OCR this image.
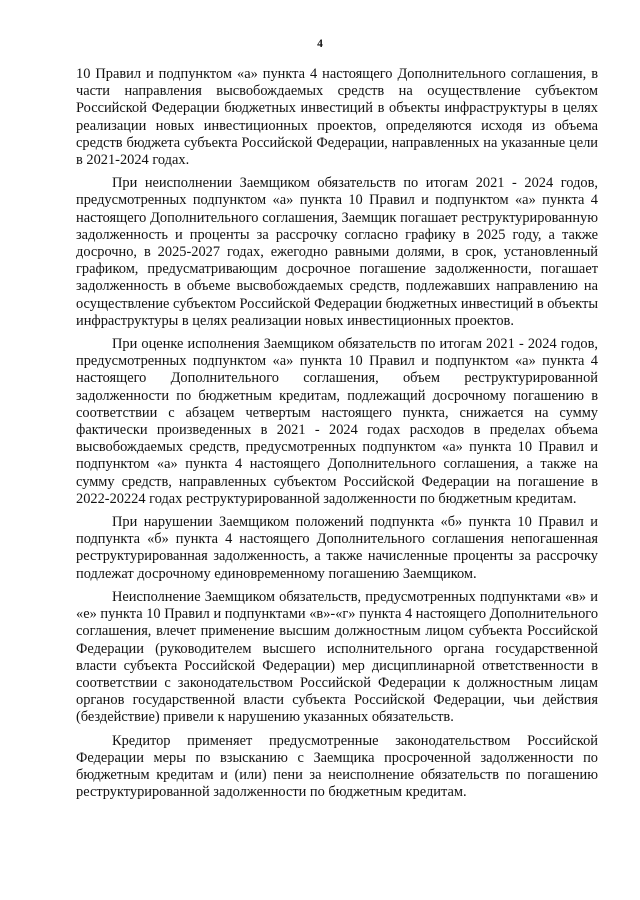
4

10 Правил и подпунктом «а» пункта 4 настоящего Дополнительного соглашения, в части направления высвобождаемых средств на осуществление субъектом Российской Федерации бюджетных инвестиций в объекты инфраструктуры в целях реализации новых инвестиционных проектов, определяются исходя из объема средств бюджета субъекта Российской Федерации, направленных на указанные цели в 2021-2024 годах.

При неисполнении Заемщиком обязательств по итогам 2021 - 2024 годов, предусмотренных подпунктом «а» пункта 10 Правил и подпунктом «а» пункта 4 настоящего Дополнительного соглашения, Заемщик погашает реструктурированную задолженность и проценты за рассрочку согласно графику в 2025 году, а также досрочно, в 2025-2027 годах, ежегодно равными долями, в срок, установленный графиком, предусматривающим досрочное погашение задолженности, погашает задолженность в объеме высвобождаемых средств, подлежавших направлению на осуществление субъектом Российской Федерации бюджетных инвестиций в объекты инфраструктуры в целях реализации новых инвестиционных проектов.

При оценке исполнения Заемщиком обязательств по итогам 2021 - 2024 годов, предусмотренных подпунктом «а» пункта 10 Правил и подпунктом «а» пункта 4 настоящего Дополнительного соглашения, объем реструктурированной задолженности по бюджетным кредитам, подлежащий досрочному погашению в соответствии с абзацем четвертым настоящего пункта, снижается на сумму фактически произведенных в 2021 - 2024 годах расходов в пределах объема высвобождаемых средств, предусмотренных подпунктом «а» пункта 10 Правил и подпунктом «а» пункта 4 настоящего Дополнительного соглашения, а также на сумму средств, направленных субъектом Российской Федерации на погашение в 2022-20224 годах реструктурированной задолженности по бюджетным кредитам.

При нарушении Заемщиком положений подпункта «б» пункта 10 Правил и подпункта «б» пункта 4 настоящего Дополнительного соглашения непогашенная реструктурированная задолженность, а также начисленные проценты за рассрочку подлежат досрочному единовременному погашению Заемщиком.

Неисполнение Заемщиком обязательств, предусмотренных подпунктами «в» и «е» пункта 10 Правил и подпунктами «в»-«г» пункта 4 настоящего Дополнительного соглашения, влечет применение высшим должностным лицом субъекта Российской Федерации (руководителем высшего исполнительного органа государственной власти субъекта Российской Федерации) мер дисциплинарной ответственности в соответствии с законодательством Российской Федерации к должностным лицам органов государственной власти субъекта Российской Федерации, чьи действия (бездействие) привели к нарушению указанных обязательств.

Кредитор применяет предусмотренные законодательством Российской Федерации меры по взысканию с Заемщика просроченной задолженности по бюджетным кредитам и (или) пени за неисполнение обязательств по погашению реструктурированной задолженности по бюджетным кредитам.
